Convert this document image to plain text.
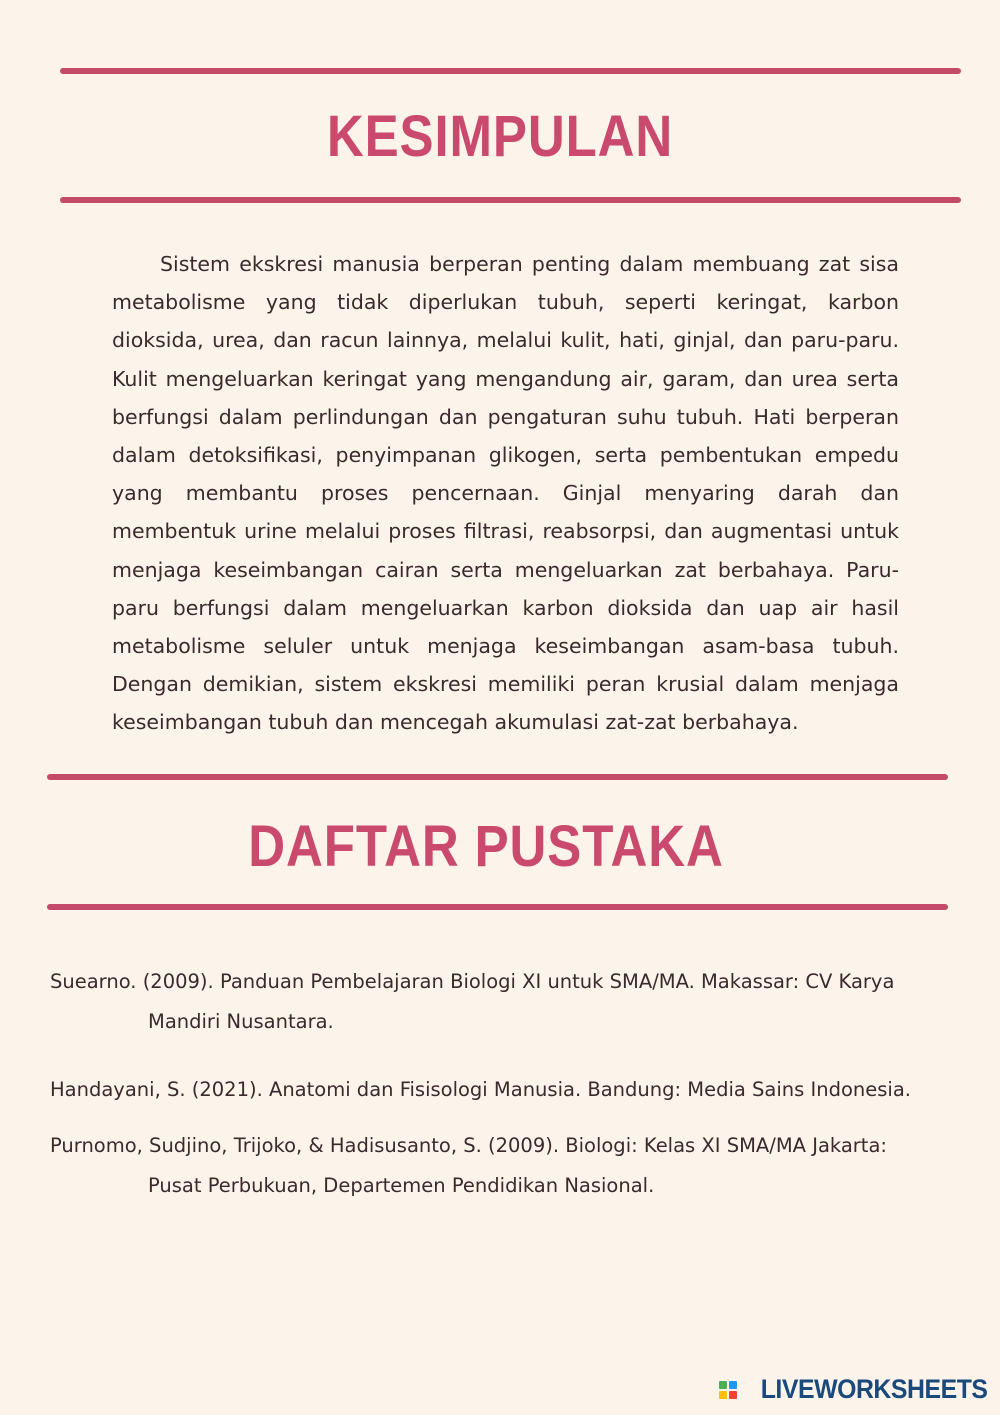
KESIMPULAN

Sistem ekskresi manusia berperan penting dalam membuang zat sisa metabolisme yang tidak diperlukan tubuh, seperti keringat, karbon dioksida, urea, dan racun lainnya, melalui kulit, hati, ginjal, dan paru-paru. Kulit mengeluarkan keringat yang mengandung air, garam, dan urea serta berfungsi dalam perlindungan dan pengaturan suhu tubuh. Hati berperan dalam detoksifikasi, penyimpanan glikogen, serta pembentukan empedu yang membantu proses pencernaan. Ginjal menyaring darah dan membentuk urine melalui proses filtrasi, reabsorpsi, dan augmentasi untuk menjaga keseimbangan cairan serta mengeluarkan zat berbahaya. Paru-paru berfungsi dalam mengeluarkan karbon dioksida dan uap air hasil metabolisme seluler untuk menjaga keseimbangan asam-basa tubuh. Dengan demikian, sistem ekskresi memiliki peran krusial dalam menjaga keseimbangan tubuh dan mencegah akumulasi zat-zat berbahaya.

DAFTAR PUSTAKA

Suearno. (2009). Panduan Pembelajaran Biologi XI untuk SMA/MA. Makassar: CV Karya Mandiri Nusantara.

Handayani, S. (2021). Anatomi dan Fisisologi Manusia. Bandung: Media Sains Indonesia.

Purnomo, Sudjino, Trijoko, & Hadisusanto, S. (2009). Biologi: Kelas XI SMA/MA Jakarta: Pusat Perbukuan, Departemen Pendidikan Nasional.

LIVEWORKSHEETS
